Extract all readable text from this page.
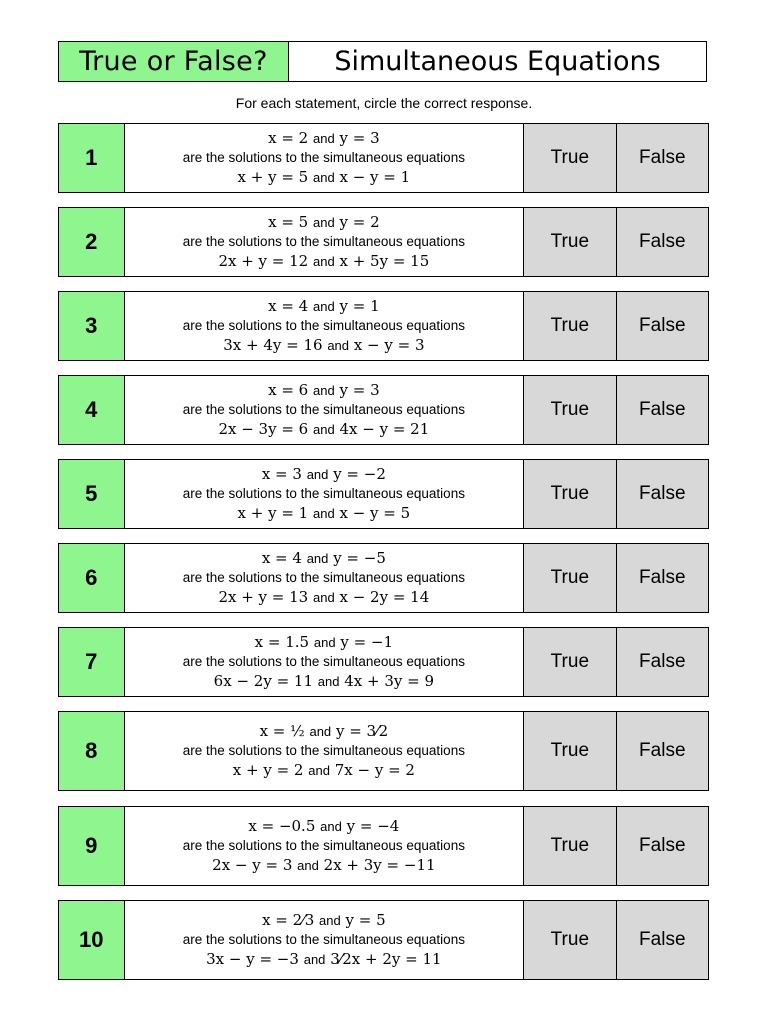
True or False?	Simultaneous Equations
For each statement, circle the correct response.
1
x = 2 and y = 3
are the solutions to the simultaneous equations
x + y = 5 and x − y = 1
True	False
2
x = 5 and y = 2
are the solutions to the simultaneous equations
2x + y = 12 and x + 5y = 15
True	False
3
x = 4 and y = 1
are the solutions to the simultaneous equations
3x + 4y = 16 and x − y = 3
True	False
4
x = 6 and y = 3
are the solutions to the simultaneous equations
2x − 3y = 6 and 4x − y = 21
True	False
5
x = 3 and y = −2
are the solutions to the simultaneous equations
x + y = 1 and x − y = 5
True	False
6
x = 4 and y = −5
are the solutions to the simultaneous equations
2x + y = 13 and x − 2y = 14
True	False
7
x = 1.5 and y = −1
are the solutions to the simultaneous equations
6x − 2y = 11 and 4x + 3y = 9
True	False
8
x = ½ and y = 3⁄2
are the solutions to the simultaneous equations
x + y = 2 and 7x − y = 2
True	False
9
x = −0.5 and y = −4
are the solutions to the simultaneous equations
2x − y = 3 and 2x + 3y = −11
True	False
10
x = 2⁄3 and y = 5
are the solutions to the simultaneous equations
3x − y = −3 and 3⁄2x + 2y = 11
True	False
